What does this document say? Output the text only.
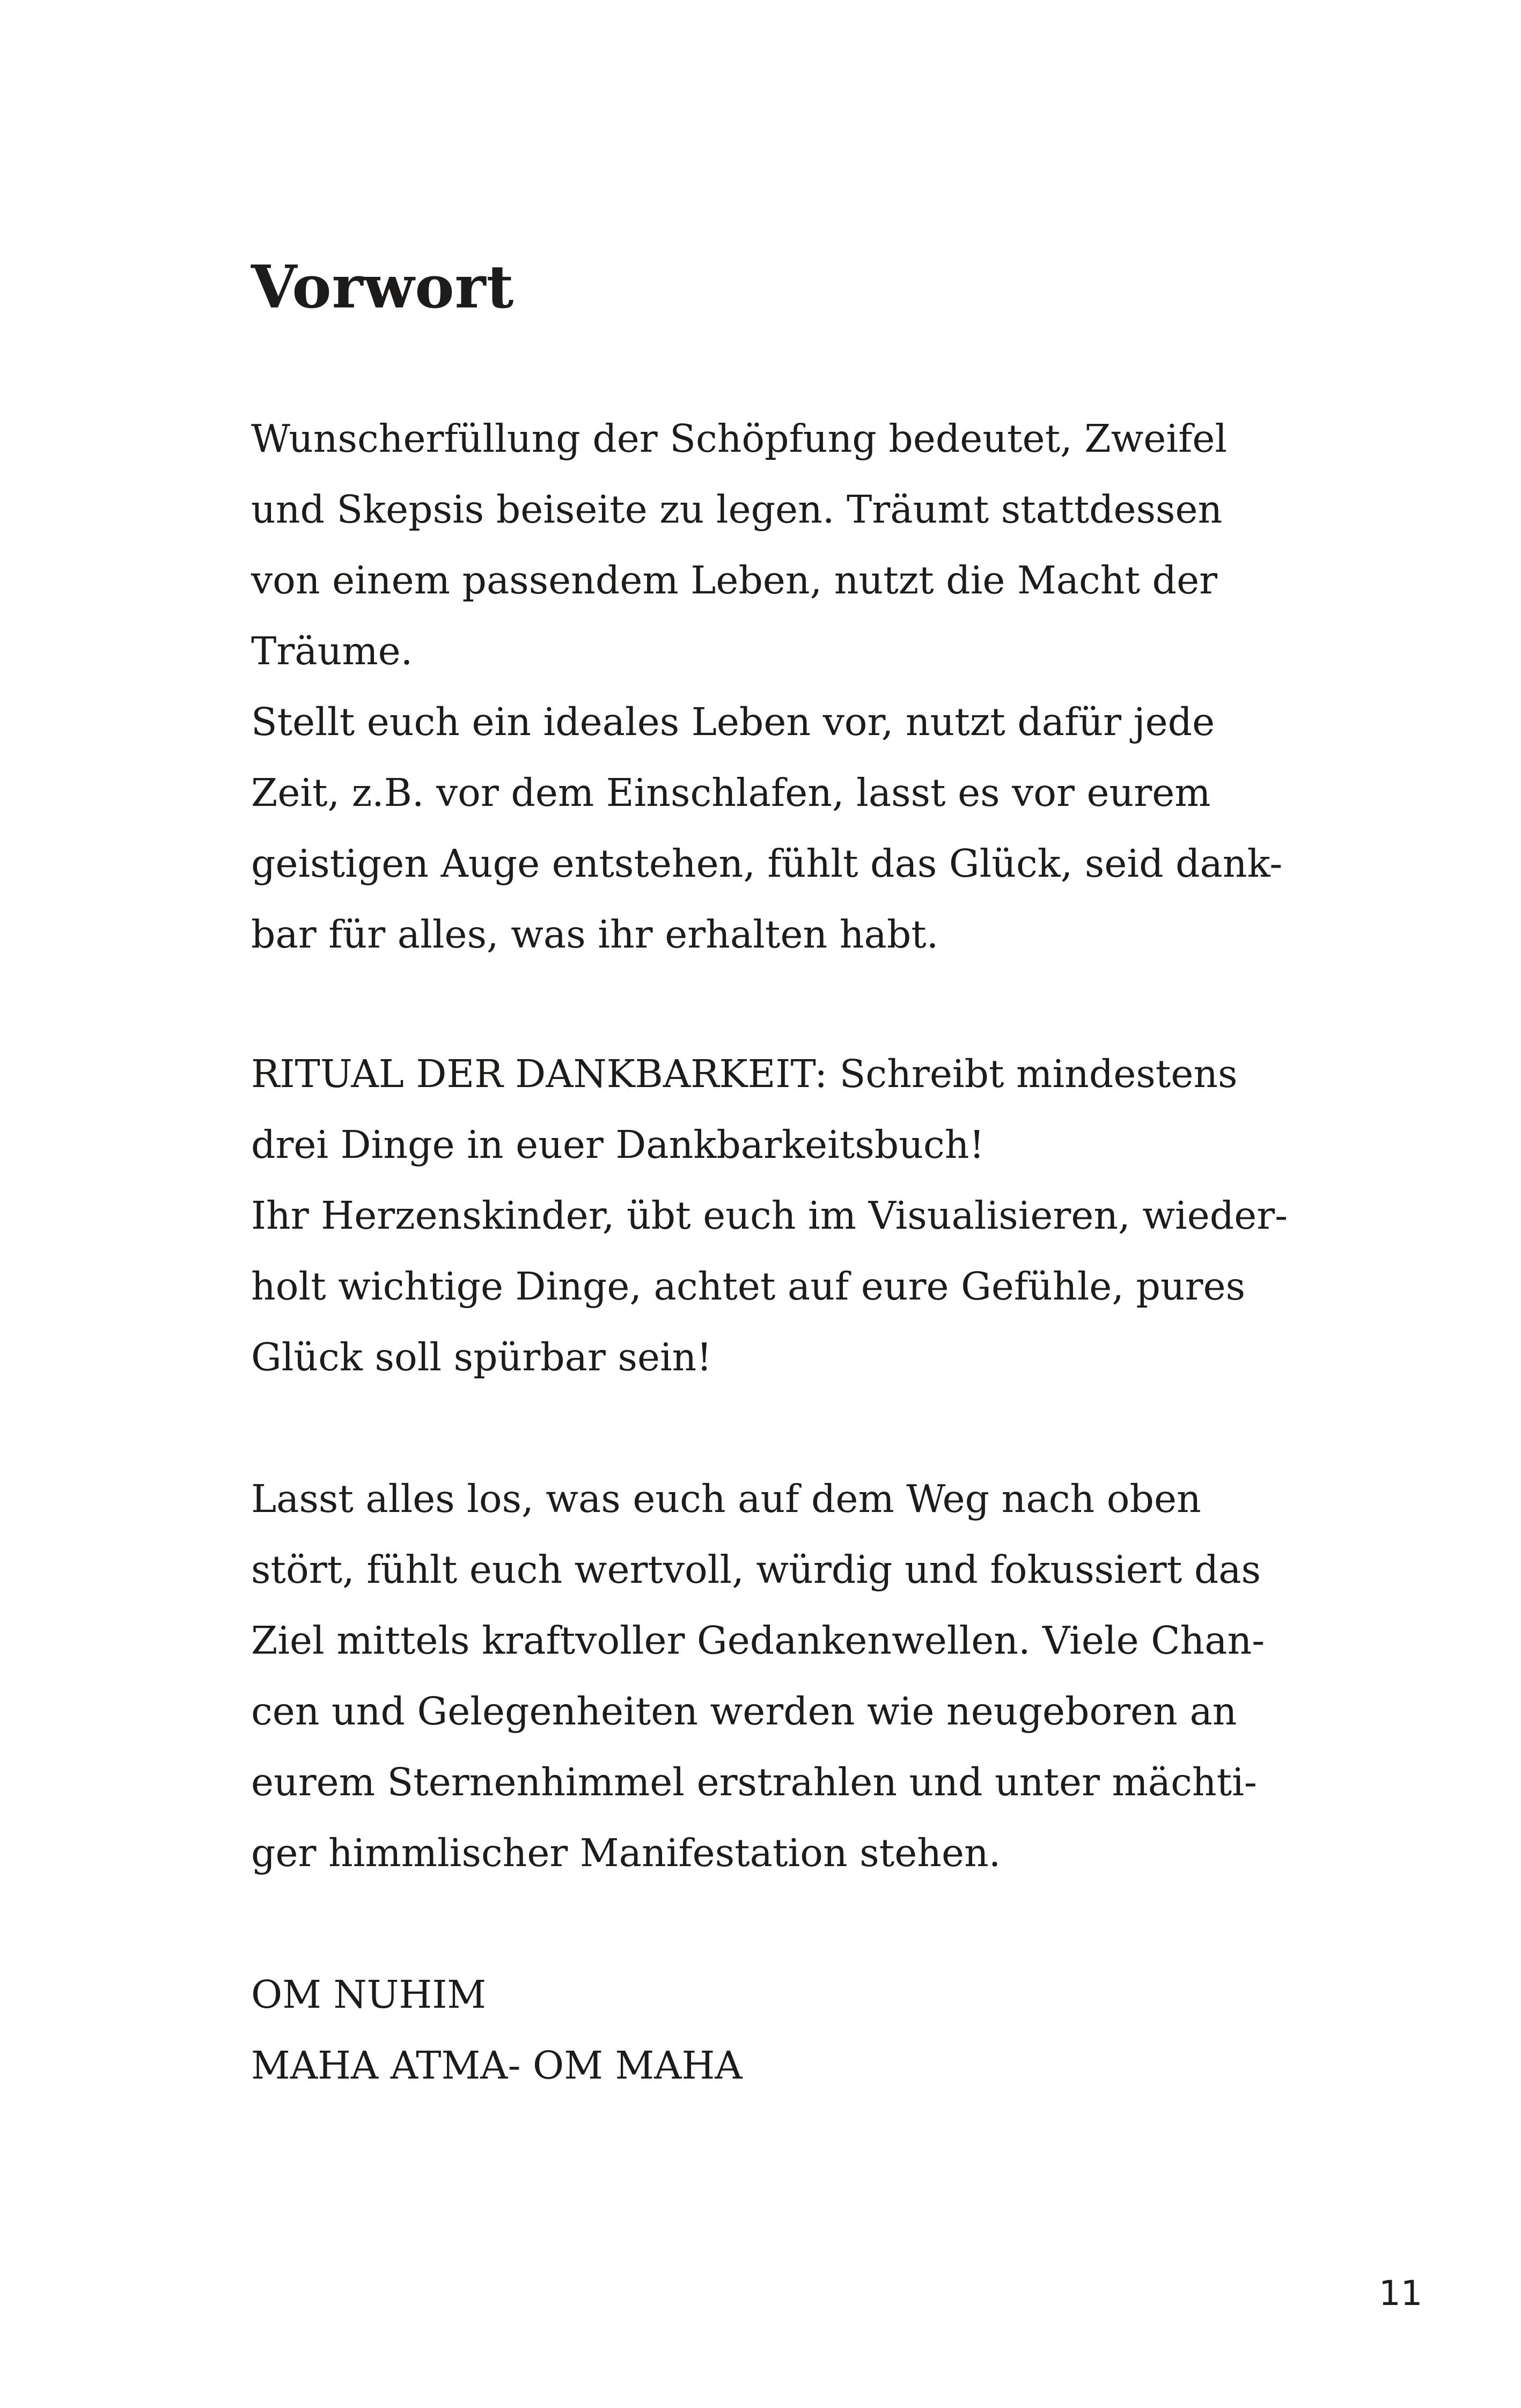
Vorwort
Wunscherfüllung der Schöpfung bedeutet, Zweifel
und Skepsis beiseite zu legen. Träumt stattdessen
von einem passendem Leben, nutzt die Macht der
Träume.
Stellt euch ein ideales Leben vor, nutzt dafür jede
Zeit, z.B. vor dem Einschlafen, lasst es vor eurem
geistigen Auge entstehen, fühlt das Glück, seid dank-
bar für alles, was ihr erhalten habt.
RITUAL DER DANKBARKEIT: Schreibt mindestens
drei Dinge in euer Dankbarkeitsbuch!
Ihr Herzenskinder, übt euch im Visualisieren, wieder-
holt wichtige Dinge, achtet auf eure Gefühle, pures
Glück soll spürbar sein!
Lasst alles los, was euch auf dem Weg nach oben
stört, fühlt euch wertvoll, würdig und fokussiert das
Ziel mittels kraftvoller Gedankenwellen. Viele Chan-
cen und Gelegenheiten werden wie neugeboren an
eurem Sternenhimmel erstrahlen und unter mächti-
ger himmlischer Manifestation stehen.
OM NUHIM
MAHA ATMA- OM MAHA
11
